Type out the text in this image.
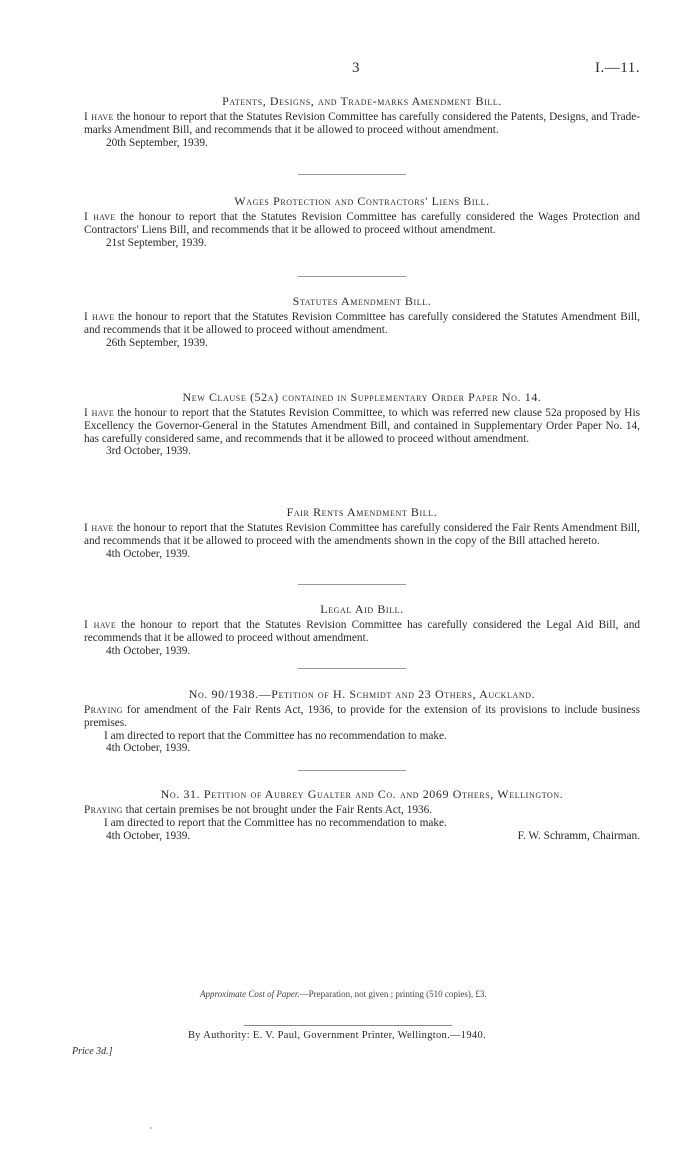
3	I.—11.
Patents, Designs, and Trade-marks Amendment Bill.
I have the honour to report that the Statutes Revision Committee has carefully considered the Patents, Designs, and Trade-marks Amendment Bill, and recommends that it be allowed to proceed without amendment.
20th September, 1939.
Wages Protection and Contractors' Liens Bill.
I have the honour to report that the Statutes Revision Committee has carefully considered the Wages Protection and Contractors' Liens Bill, and recommends that it be allowed to proceed without amendment.
21st September, 1939.
Statutes Amendment Bill.
I have the honour to report that the Statutes Revision Committee has carefully considered the Statutes Amendment Bill, and recommends that it be allowed to proceed without amendment.
26th September, 1939.
New Clause (52a) contained in Supplementary Order Paper No. 14.
I have the honour to report that the Statutes Revision Committee, to which was referred new clause 52a proposed by His Excellency the Governor-General in the Statutes Amendment Bill, and contained in Supplementary Order Paper No. 14, has carefully considered same, and recommends that it be allowed to proceed without amendment.
3rd October, 1939.
Fair Rents Amendment Bill.
I have the honour to report that the Statutes Revision Committee has carefully considered the Fair Rents Amendment Bill, and recommends that it be allowed to proceed with the amendments shown in the copy of the Bill attached hereto.
4th October, 1939.
Legal Aid Bill.
I have the honour to report that the Statutes Revision Committee has carefully considered the Legal Aid Bill, and recommends that it be allowed to proceed without amendment.
4th October, 1939.
No. 90/1938.—Petition of H. Schmidt and 23 Others, Auckland.
Praying for amendment of the Fair Rents Act, 1936, to provide for the extension of its provisions to include business premises.
I am directed to report that the Committee has no recommendation to make.
4th October, 1939.
No. 31. Petition of Aubrey Gualter and Co. and 2069 Others, Wellington.
Praying that certain premises be not brought under the Fair Rents Act, 1936.
I am directed to report that the Committee has no recommendation to make.
4th October, 1939.	F. W. Schramm, Chairman.
Approximate Cost of Paper.—Preparation, not given ; printing (510 copies), £3.
By Authority: E. V. Paul, Government Printer, Wellington.—1940.
Price 3d.]
